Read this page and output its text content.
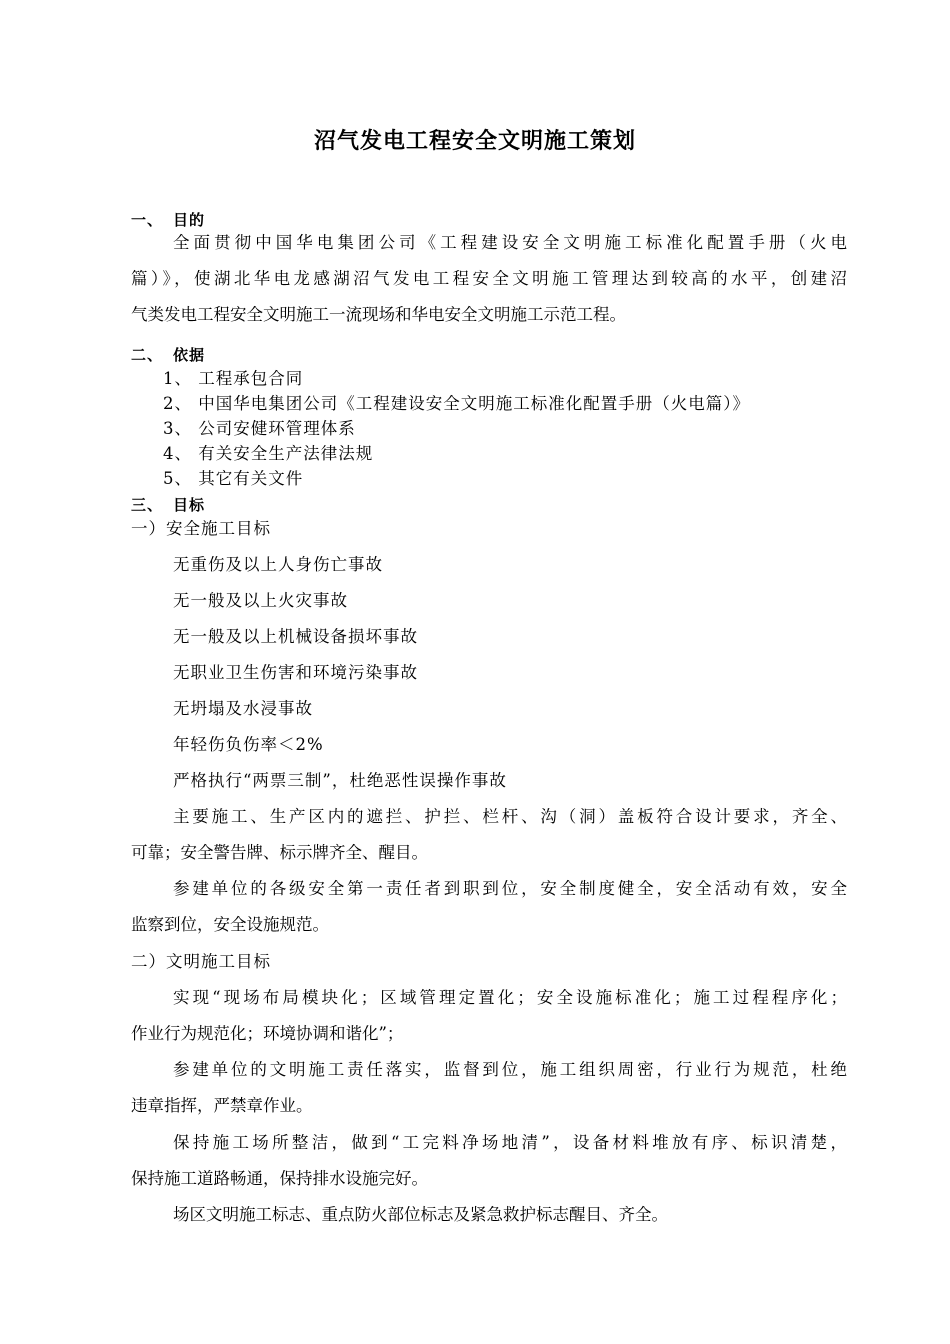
沼气发电工程安全文明施工策划
一、 目的
全面贯彻中国华电集团公司《工程建设安全文明施工标准化配置手册（火电
篇）》，使湖北华电龙感湖沼气发电工程安全文明施工管理达到较高的水平，创建沼
气类发电工程安全文明施工一流现场和华电安全文明施工示范工程。
二、 依据
1、 工程承包合同
2、 中国华电集团公司《工程建设安全文明施工标准化配置手册（火电篇）》
3、 公司安健环管理体系
4、 有关安全生产法律法规
5、 其它有关文件
三、 目标
一）安全施工目标
无重伤及以上人身伤亡事故
无一般及以上火灾事故
无一般及以上机械设备损坏事故
无职业卫生伤害和环境污染事故
无坍塌及水浸事故
年轻伤负伤率＜2%
严格执行“两票三制”，杜绝恶性误操作事故
主要施工、生产区内的遮拦、护拦、栏杆、沟（洞）盖板符合设计要求，齐全、
可靠；安全警告牌、标示牌齐全、醒目。
参建单位的各级安全第一责任者到职到位，安全制度健全，安全活动有效，安全
监察到位，安全设施规范。
二）文明施工目标
实现“现场布局模块化；区域管理定置化；安全设施标准化；施工过程程序化；
作业行为规范化；环境协调和谐化”；
参建单位的文明施工责任落实，监督到位，施工组织周密，行业行为规范，杜绝
违章指挥，严禁章作业。
保持施工场所整洁，做到“工完料净场地清”，设备材料堆放有序、标识清楚，
保持施工道路畅通，保持排水设施完好。
场区文明施工标志、重点防火部位标志及紧急救护标志醒目、齐全。
